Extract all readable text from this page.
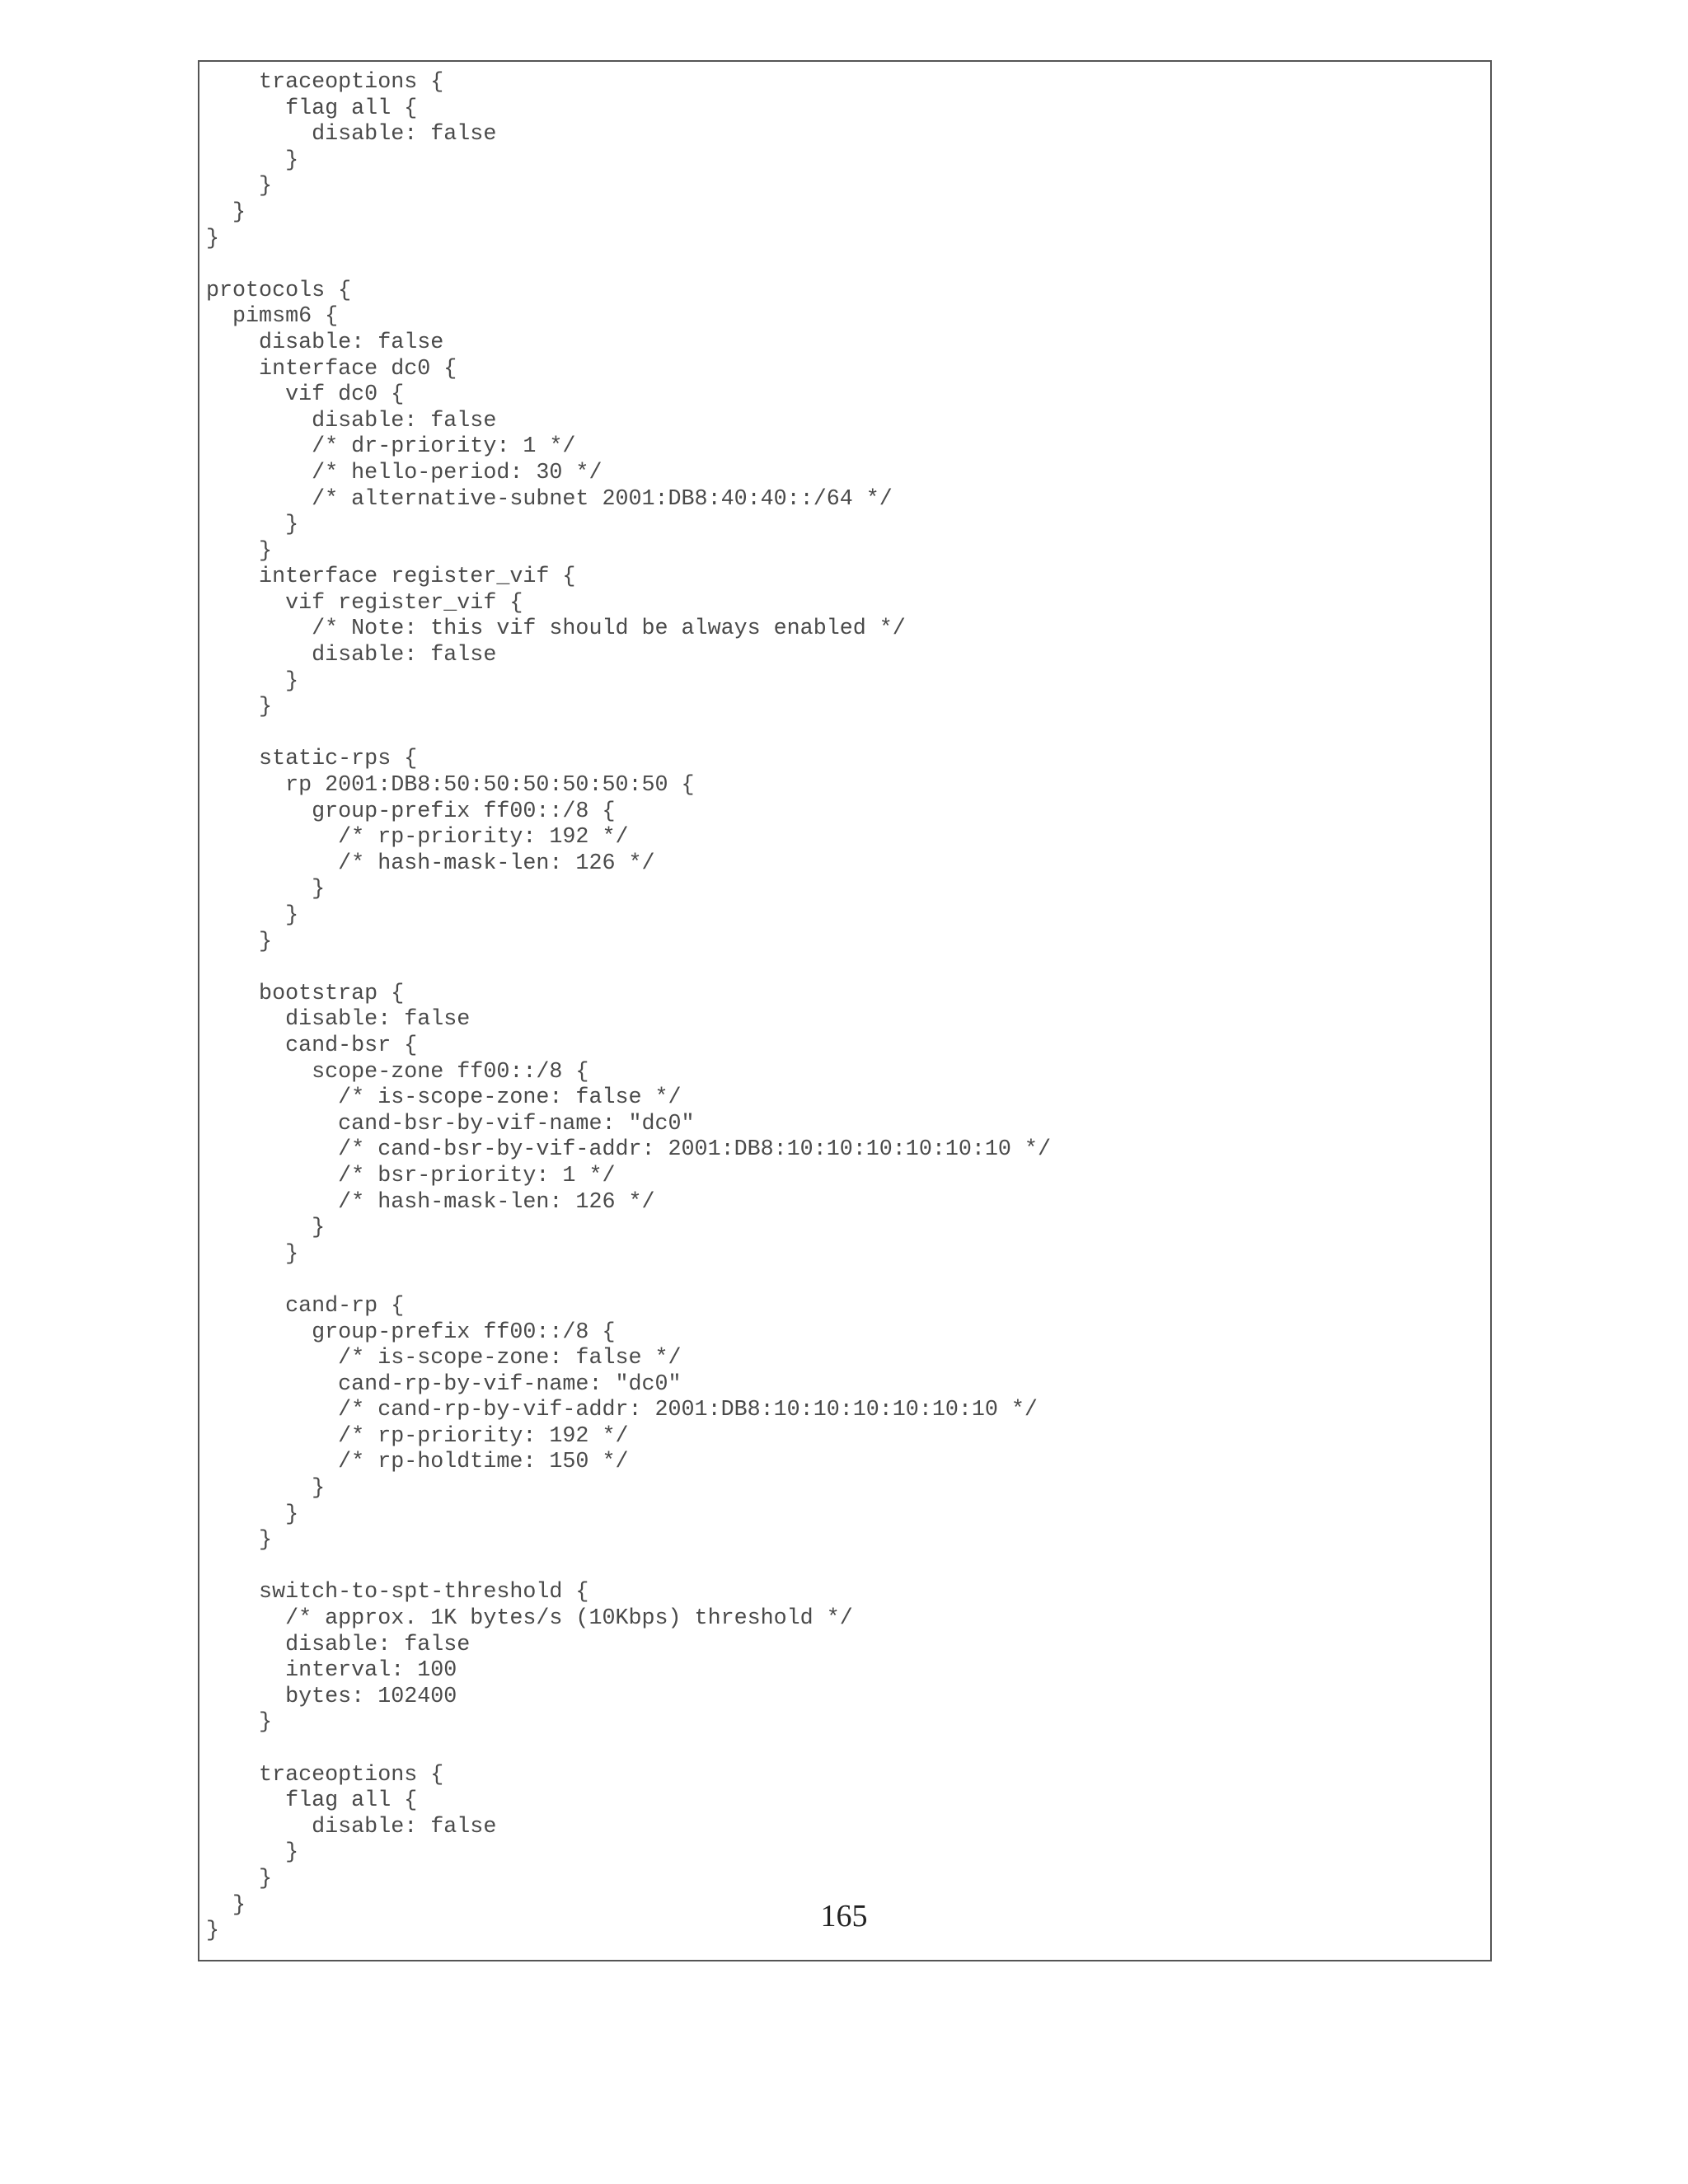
traceoptions {
flag all {
disable: false
}
}
}
}
protocols {
pimsm6 {
disable: false
interface dc0 {
vif dc0 {
disable: false
/* dr-priority: 1 */
/* hello-period: 30 */
/* alternative-subnet 2001:DB8:40:40::/64 */
}
}
interface register_vif {
vif register_vif {
/* Note: this vif should be always enabled */
disable: false
}
}
static-rps {
rp 2001:DB8:50:50:50:50:50:50 {
group-prefix ff00::/8 {
/* rp-priority: 192 */
/* hash-mask-len: 126 */
}
}
}
bootstrap {
disable: false
cand-bsr {
scope-zone ff00::/8 {
/* is-scope-zone: false */
cand-bsr-by-vif-name: "dc0"
/* cand-bsr-by-vif-addr: 2001:DB8:10:10:10:10:10:10 */
/* bsr-priority: 1 */
/* hash-mask-len: 126 */
}
}
cand-rp {
group-prefix ff00::/8 {
/* is-scope-zone: false */
cand-rp-by-vif-name: "dc0"
/* cand-rp-by-vif-addr: 2001:DB8:10:10:10:10:10:10 */
/* rp-priority: 192 */
/* rp-holdtime: 150 */
}
}
}
switch-to-spt-threshold {
/* approx. 1K bytes/s (10Kbps) threshold */
disable: false
interval: 100
bytes: 102400
}
traceoptions {
flag all {
disable: false
}
}
}
}	165
